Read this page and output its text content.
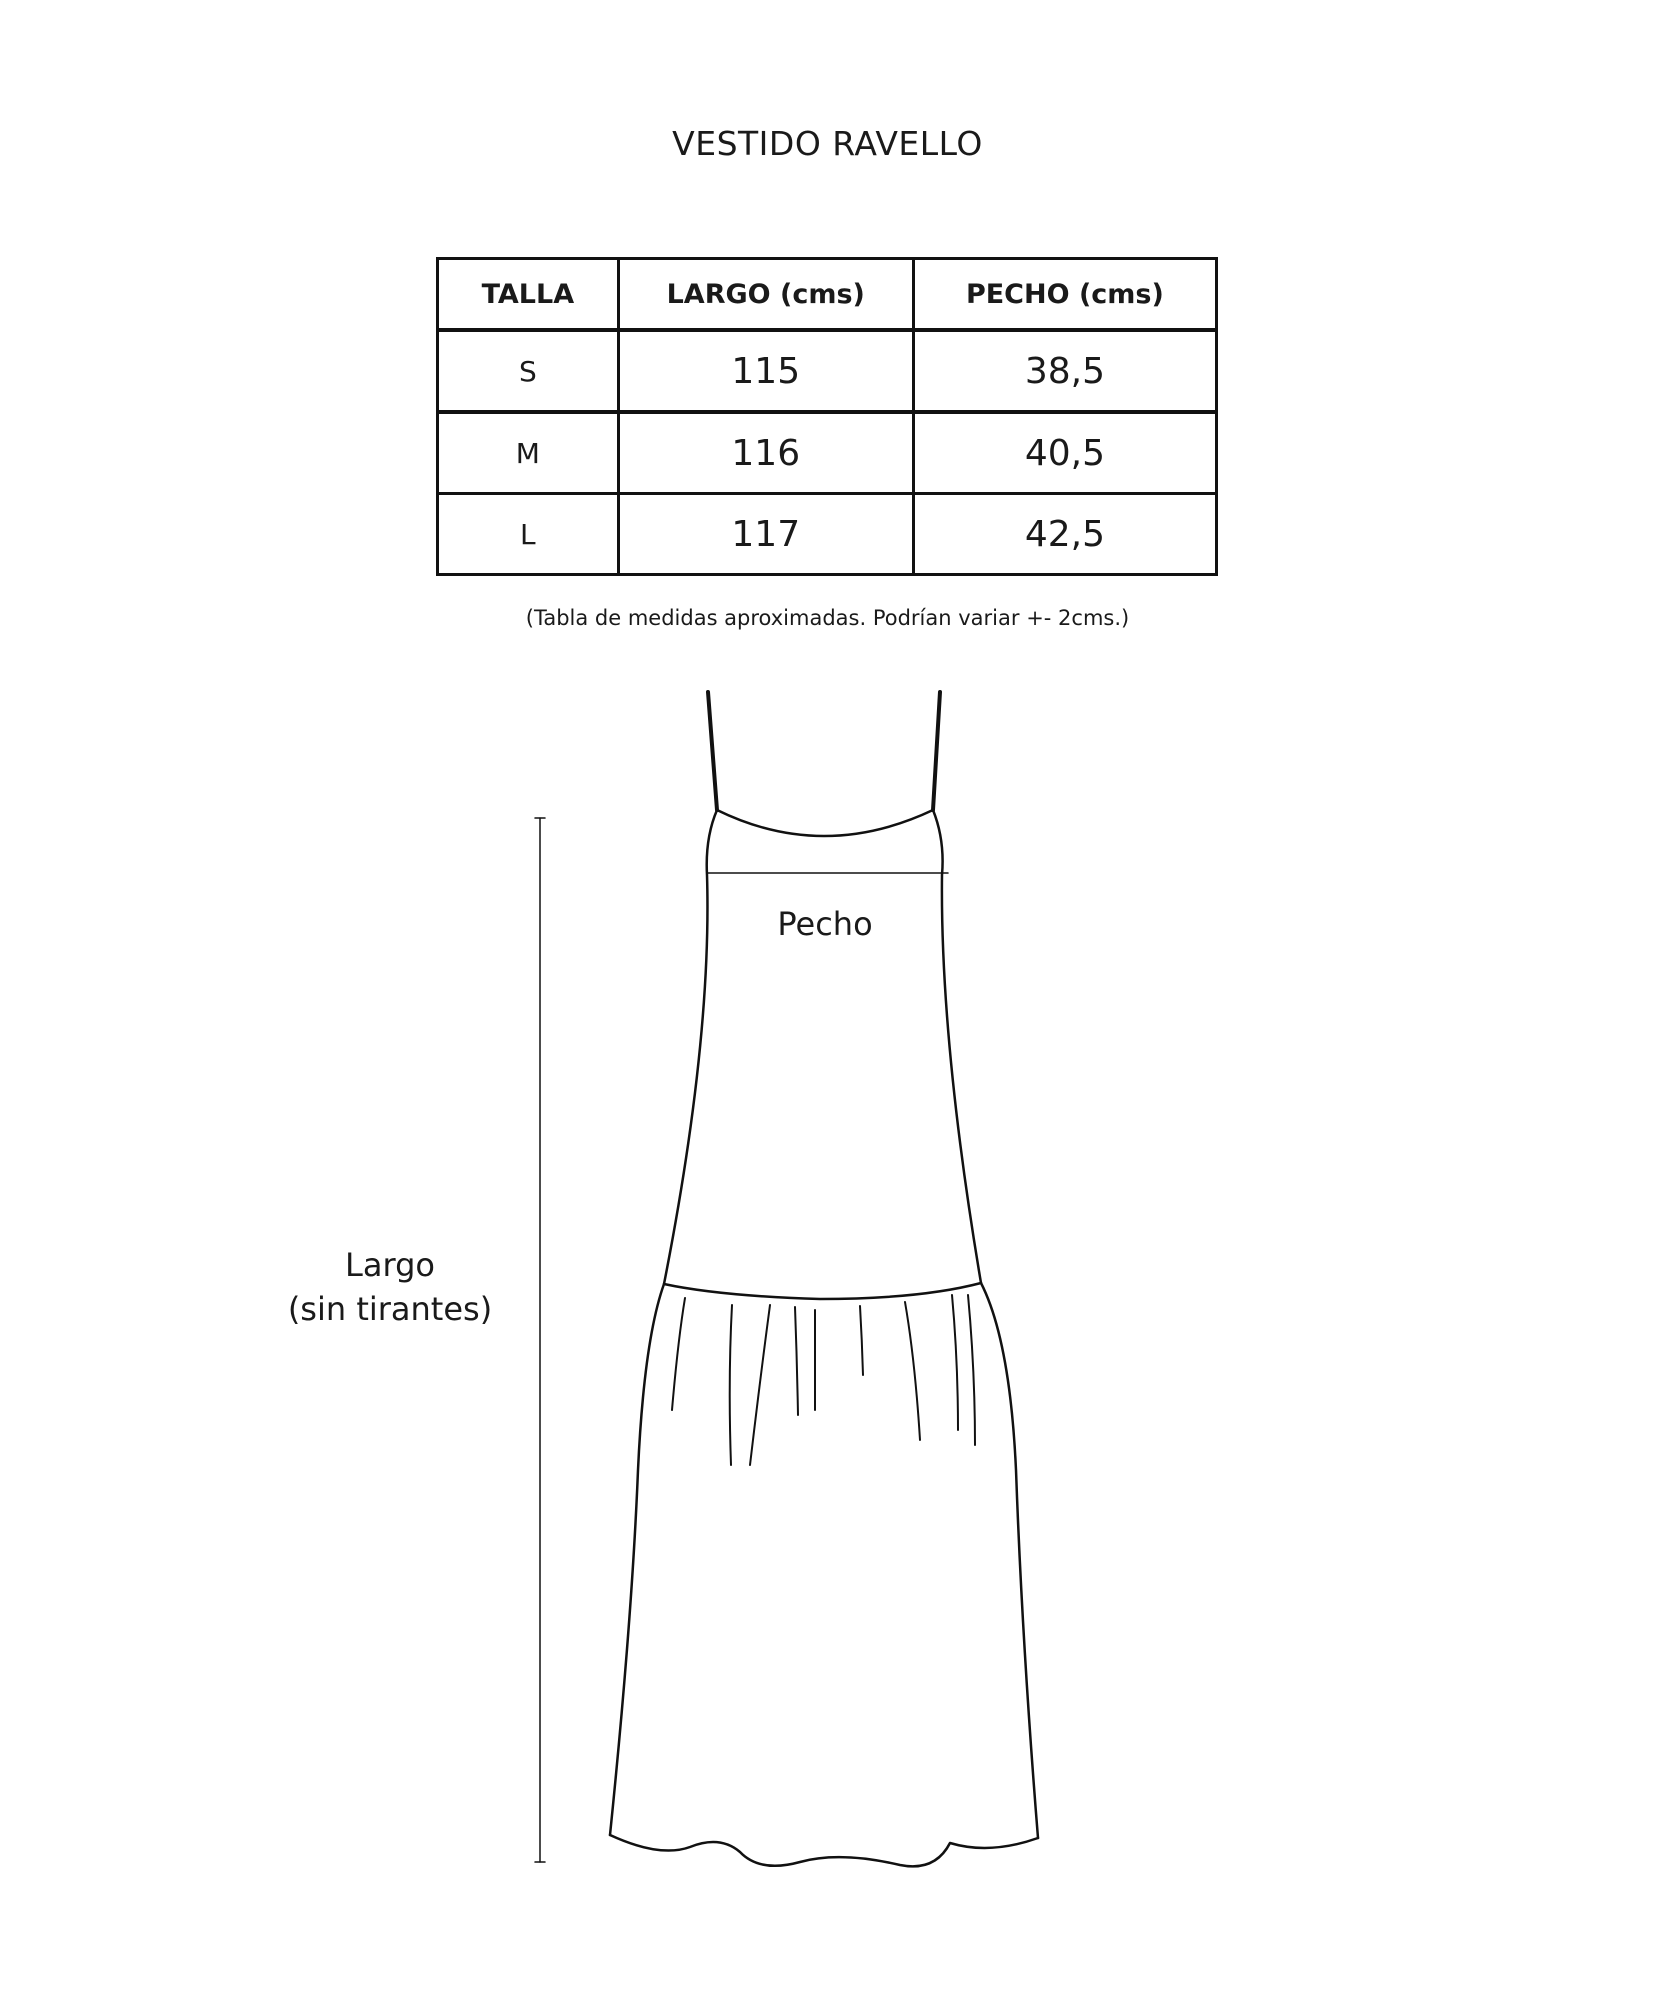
VESTIDO RAVELLO
TALLA	LARGO (cms)	PECHO (cms)
S	115	38,5
M	116	40,5
L	117	42,5
(Tabla de medidas aproximadas. Podrían variar +- 2cms.)
Pecho
Largo
(sin tirantes)
